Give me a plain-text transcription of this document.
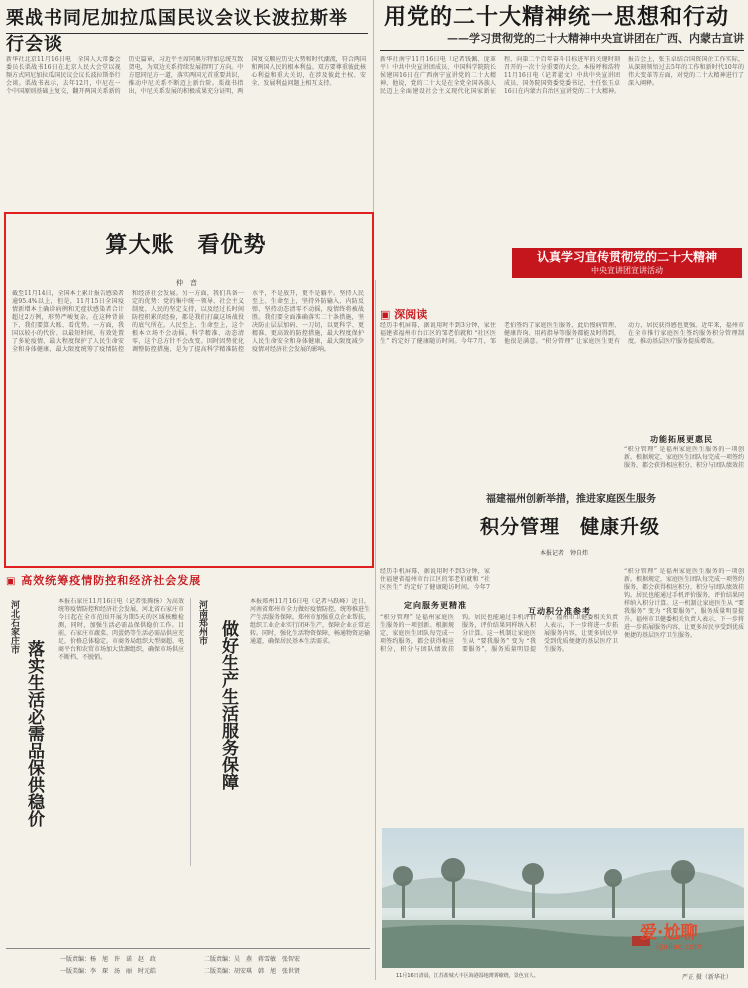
栗战书同尼加拉瓜国民议会议长波拉斯举行会谈
新华社北京11月16日电　全国人大常委会委员长栗战书16日在北京人民大会堂以视频方式同尼加拉瓜国民议会议长波拉斯举行会谈。栗战书表示，去年12月，中尼在一个中国原则基础上复交，翻开两国关系新的历史篇章，习近平主席同奥尔特加总统互致贺电，为双边关系持续发展指明了方向。中方愿同尼方一道，落实两国元首重要共识，推动中尼关系不断迈上新台阶。栗战书指出，中尼关系发展的积极成果充分证明，两国复交顺应历史大势和时代潮流，符合两国和两国人民的根本利益。双方要尊重彼此核心利益和重大关切，在涉及彼此主权、安全、发展利益问题上相互支持。
用党的二十大精神统一思想和行动
——学习贯彻党的二十大精神中央宣讲团在广西、内蒙古宣讲
新华社南宁11月16日电（记者钱佩、庞革平）中共中央宣讲团成员、中国科学院院长侯建国16日在广西南宁宣讲党的二十大精神，他说，党的二十大是在全党全国各族人民迈上全面建设社会主义现代化国家新征程、向第二个百年奋斗目标进军的关键时刻召开的一次十分重要的大会。本报呼和浩特11月16日电（记者翟文）中共中央宣讲团成员、国务院国资委党委书记、主任张玉卓16日在内蒙古自治区宣讲党的二十大精神。报告会上，张玉卓结合国资国企工作实际，从深刻领悟过去5年的工作和新时代10年的伟大变革等方面，对党的二十大精神进行了深入阐释。
认真学习宣传贯彻党的二十大精神
中央宣讲团宣讲活动
算大账　看优势
仲　音
截至11月14日，全国本土累计报告感染者逾95.4%以上，但是，11月15日全国疫情新增本土确诊病例和无症状感染者合计超过2万例，形势严峻复杂。在这种背景下，我们要算大账、看优势。一方面，我国以较小的代价、以最短时间，有效处置了多轮疫情，最大程度保护了人民生命安全和身体健康，最大限度统筹了疫情防控和经济社会发展。另一方面，我们具备一定的优势：党的集中统一领导、社会主义制度、人民的坚定支持，以及经过长时间防控积累的经验，都是我们打赢这场战役的底气所在。人民至上、生命至上，这个根本立场不会动摇。科学精准、动态清零，这个总方针不会改变。因时因势优化调整防控措施，是为了提高科学精准防控水平，不是放开，更不是躺平。坚持人民至上、生命至上，坚持外防输入、内防反弹，坚持动态清零不动摇，疫情终将被战胜。我们要全面准确落实二十条措施，坚决防止层层加码、一刀切，以更科学、更精准、更高效的防控措施，最大程度保护人民生命安全和身体健康，最大限度减少疫情对经济社会发展的影响。
▣ 高效统筹疫情防控和经济社会发展
河北石家庄市
落实生活必需品保供稳价
本报石家庄11月16日电（记者张腾扬）为高效统筹疫情防控和经济社会发展，河北省石家庄市今日起在全市范围开展为期5天的区域核酸检测，同时，加强生活必需品保供稳价工作。目前，石家庄市蔬菜、肉蛋奶等生活必需品供应充足，价格总体稳定。市商务局组织大型商超、电商平台和农贸市场加大货源组织，确保市场供应不断档、不脱销。
河南郑州市 做好生产生活服务保障
本报郑州11月16日电（记者马跃峰）近日，河南省郑州市全力做好疫情防控，统筹推进生产生活服务保障。郑州市加强重点企业帮扶，组织工业企业实行闭环生产，保障企业正常运转。同时，强化生活物资保障，畅通物资运输通道，确保居民基本生活需求。
一版责编：杨　旭　许　诺　赵　政
一版美编：李　琛　汤　丽　时元皓
二版责编：吴　燕　蒋雪敏　张智宏
二版美编：胡安琪　韩　旭　张世贤
▣ 深阅读
经历手机屏幕，据说用时不到3分钟，家住福建省福州市台江区的邹老伯就和 “社区医生” 约定好了健康随访时间。今年7月，邹老伯签约了家庭医生服务，此后慢病管理、健康咨询、用药指导等服务都能及时得到，他很是满意。“积分管理” 让家庭医生更有动力，居民获得感也更强。近年来，福州市在全市推行家庭医生签约服务积分管理制度，推动基层医疗服务提质增效。
福建福州创新举措，推进家庭医生服务
积分管理　健康升级
本报记者　钟自炜
经历手机屏幕，据说用时不到3分钟，家住福建省福州市台江区的邹老伯就和 “社区医生” 约定好了健康随访时间。今年7
定向服务更精准
互动积分准参考
“积分管理” 是福州家庭医生服务的一项创新。根据规定，家庭医生团队每完成一项签约服务，都会获得相应积分，积分与团队绩效挂钩。居民也能通过手机评价服务，评价结果同样纳入积分计算。这一机制让家庭医生从 “要我服务” 变为 “我要服务”，服务质量明显提升。福州市卫健委相关负责人表示，下一步将进一步拓展服务内容，让更多居民享受到优质便捷的基层医疗卫生服务。
功能拓展更惠民
“积分管理” 是福州家庭医生服务的一项创新。根据规定，家庭医生团队每完成一项签约服务，都会获得相应积分，积分与团队绩效挂
“积分管理” 是福州家庭医生服务的一项创新。根据规定，家庭医生团队每完成一项签约服务，都会获得相应积分，积分与团队绩效挂钩。居民也能通过手机评价服务，评价结果同样纳入积分计算。这一机制让家庭医生从 “要我服务” 变为 “我要服务”，服务质量明显提升。福州市卫健委相关负责人表示，下一步将进一步拓展服务内容，让更多居民享受到优质便捷的基层医疗卫生服务。
11月16日清晨，江苏盐城大丰区海港湿地薄雾缭绕，景色宜人。	严正 摄（新华社）
爱·尬聊
igaliao.com
